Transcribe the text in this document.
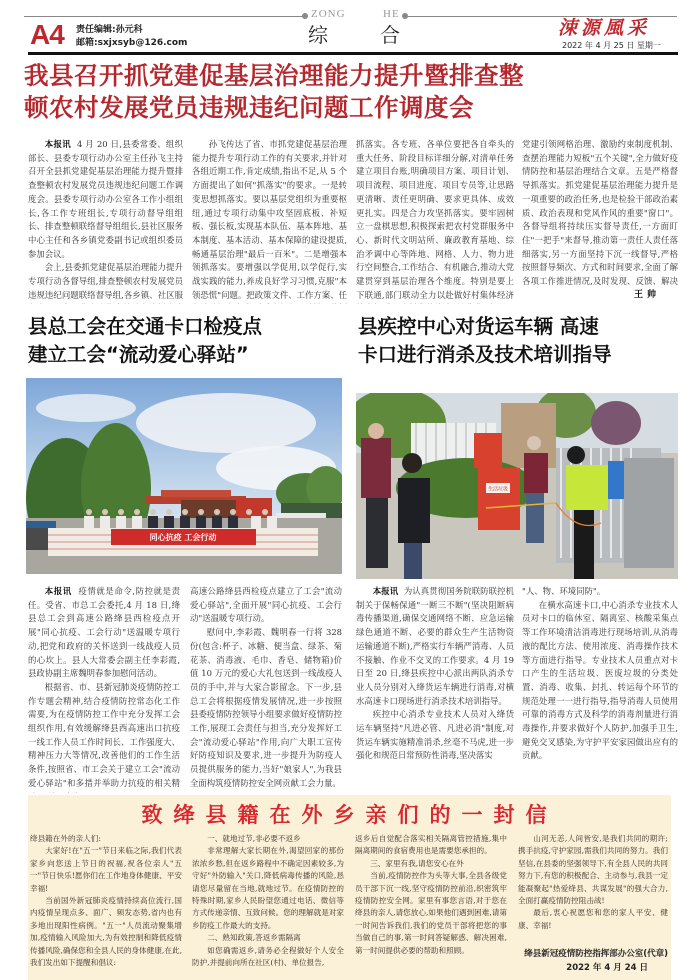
A4 责任编辑:孙元科
邮箱:sxjxsyb@126.com
ZONG	HE
综	合	涑源風采
2022 年 4 月 25 日 星期一
我县召开抓党建促基层治理能力提升暨排查整
顿农村发展党员违规违纪问题工作调度会

本报讯 4 月 20 日,县委常委、组织部长、县委专项行动办公室主任孙飞主持召开全县抓党建促基层治理能力提升暨排查整顿农村发展党员违规违纪问题工作调度会。县委专项行动办公室各工作小组组长,各工作专班组长,专项行动督导组组长、排查整顿联络督导组组长,县社区服务中心主任和各乡镇党委副书记或组织委员参加会议。

会上,县委抓党建促基层治理能力提升专项行动各督导组,排查整顿农村发展党员违规违纪问题联络督导组,各乡镇、社区服

孙飞传达了省、市抓党建促基层治理能力提升专项行动工作的有关要求,并针对各组近期工作,肯定成绩,指出不足,从 5 个方面提出了如何"抓落实"的要求。一是转变思想抓落实。要以基层党组织为重要枢纽,通过专项行动集中攻坚固底板、补短板、强长板,实现基本队伍、基本阵地、基本制度、基本活动、基本保障的建设提质,畅通基层治理"最后一百米"。二是增强本领抓落实。要增强以学促用,以学促行,实战实践的能力,养成良好学习习惯,克服"本领恐慌"问题。把政策文件、工作方案、任

抓落实。各专班、各单位要把各自牵头的重大任务、阶段目标详细分解,对清单任务建立项目台账,明确项目方案、项目计划、项目流程、项目进度、项目专员等,让思路更清晰、责任更明确、要求更具体、成效更扎实。四是合力攻坚抓落实。要牢固树立一盘棋思想,积极探索把农村党群服务中心、新时代文明站所、廉政教育基地、综治矛调中心等阵地、网格、人力、物力进行空间整合,工作结合、有机融合,推动大党建贯穿到基层治理各个维度。特别是要上下联通,部门联动全力以赴做好村集体经济

党建引领网格治理、激励约束制度机制、查摆治理能力短板"五个关键",全力做好疫情防控和基层治理结合文章。五是严格督导抓落实。抓党建促基层治理能力提升是一项重要的政治任务,也是检验干部政治素质、政治表现和党风作风的重要"窗口"。各督导组将持续压实督导责任,一方面盯住"一把手"来督导,推动第一责任人责任落细落实,另一方面坚持下沉一线督导,严格按照督导频次、方式和时间要求,全面了解各项工作推进情况,及时发现、反馈、解决

王帅
县总工会在交通卡口检疫点
建立工会“流动爱心驿站”
县疾控中心对货运车辆 高速
卡口进行消杀及技术培训指导
同心抗疫 工会行动
生活垃圾

本报讯 疫情就是命令,防控就是责任。受省、市总工会委托,4 月 18 日,绛县总工会到高速公路绛县西检疫点开展"同心抗疫、工会行动"送温暖专项行动,把党和政府的关怀送到一线战疫人员的心坎上。县人大常委会副主任李彩霞,县政协副主席魏明春参加慰问活动。

根据省、市、县新冠肺炎疫情防控工作专题会精神,结合疫情防控常态化工作需要,为在疫情防控工作中充分发挥工会组织作用,有效缓解绛县西高速出口抗疫一线工作人员工作时间长、工作强度大、精神压力大等情况,改善他们的工作生活条件,按照省、市工会关于建立工会"流动爱心驿站"和多措并举助力抗疫的相关精

高速公路绛县西检疫点建立了工会"流动爱心驿站",全面开展"同心抗疫、工会行动"送温暖专项行动。

慰问中,李彩霞、魏明春一行将 328 份(包含:杯子、冰糖、便当盒、绿茶、菊花茶、消毒液、毛巾、香皂、储物箱)价值 10 万元的爱心大礼包送到一线战疫人员的手中,并与大家合影留念。下一步,县总工会将根据疫情发展情况,进一步按照县委疫情防控领导小组要求做好疫情防控工作,展现工会责任与担当,充分发挥好工会"流动爱心驿站"作用,向广大职工宣传好防疫知识及要求,进一步提升为防疫人员提供服务的能力,当好"娘家人",为我县全面构筑疫情防控安全网贡献工会力量。

本报讯 为认真贯彻国务院联防联控机制关于保畅保通"一断三不断"(坚决阻断病毒传播渠道,确保交通网络不断、应急运输绿色通道不断、必要的群众生产生活物资运输通道不断),严格实行车辆严消毒、人员不接触、作业不交叉的工作要求。4 月 19 日至 20 日,绛县疾控中心派出两队消杀专业人员分别对入绛货运车辆进行消毒,对横水高速卡口现场进行消杀技术培训指导。

疾控中心消杀专业技术人员对入绛货运车辆坚持"凡进必管、凡进必消"制度,对货运车辆实施精准消杀,丝毫不马虎,进一步强化和规范日常预防性消毒,坚决落实

"人、物、环境同防"。

在横水高速卡口,中心消杀专业技术人员对卡口的临休室、隔离室、核酸采集点等工作环境清洁消毒进行现场培训,从消毒液的配比方法、使用浓度、消毒操作技术等方面进行指导。专业技术人员重点对卡口产生的生活垃圾、医废垃圾的分类处置、消毒、收集、封扎、转运每个环节的规范处理一一进行指导,指导消毒人员使用可靠的消毒方式及科学的消毒剂量进行消毒操作,并要求做好个人防护,加强手卫生,避免交叉感染,为守护平安家园做出应有的贡献。

致绛县籍在外乡亲们的一封信

绛县籍在外的亲人们:

大家好!在"五一"节日来临之际,我们代表家乡向您送上节日的祝福,祝各位亲人"五一"节日快乐!愿你们在工作地身体健康、平安幸福!

当前国外新冠肺炎疫情持续高位流行,国内疫情呈现点多、面广、频发态势,省内也有多地出现阳性病例。"五一"人员流动聚集增加,疫情输入风险加大,为有效控制和降低疫情传播风险,确保您和全县人民的身体健康,在此,我们发出如下提醒和倡议:

一、就地过节,非必要不返乡

非常理解大家长期在外,渴望回家的那份浓浓乡愁,但在返乡路程中不确定因素较多,为守好"外防输入"关口,降低病毒传播的风险,恳请您尽量留在当地,就地过节。在疫情防控的特殊时期,家乡人民盼望您通过电话、微信等方式传递亲情、互致问候。您的理解就是对家乡防疫工作最大的支持。

二、熟知政策,答返乡需隔离

如您确需返乡,请务必全程做好个人安全防护,并提前向所在社区(村)、单位报告,

返乡后自觉配合落实相关隔离管控措施,集中隔离期间的食宿费用也是需要您承担的。

三、家里有我,请您安心在外

当前,疫情防控作为头等大事,全县各级党员干部下沉一线,坚守疫情防控前沿,织密筑牢疫情防控安全网。家里有事您言语,对于您在绛县的亲人,请您放心,如果他们遇到困难,请第一时间告诉我们,我们的党员干部将把您的事当做自己的事,第一时间答疑解惑、解决困难,第一时间提供必要的帮助和照顾。

山河无恙,人间皆安,是我们共同的期许;携手抗疫,守护家园,需我们共同的努力。我们坚信,在县委的坚强领导下,有全县人民的共同努力下,有您的积极配合、主动参与,我县一定能凝聚起"热爱绛县、共谋发展"的强大合力,全面打赢疫情防控阻击战!

最后,衷心祝愿您和您的家人平安、健康、幸福!

绛县新冠疫情防控指挥部办公室(代章)
2022 年 4 月 24 日
